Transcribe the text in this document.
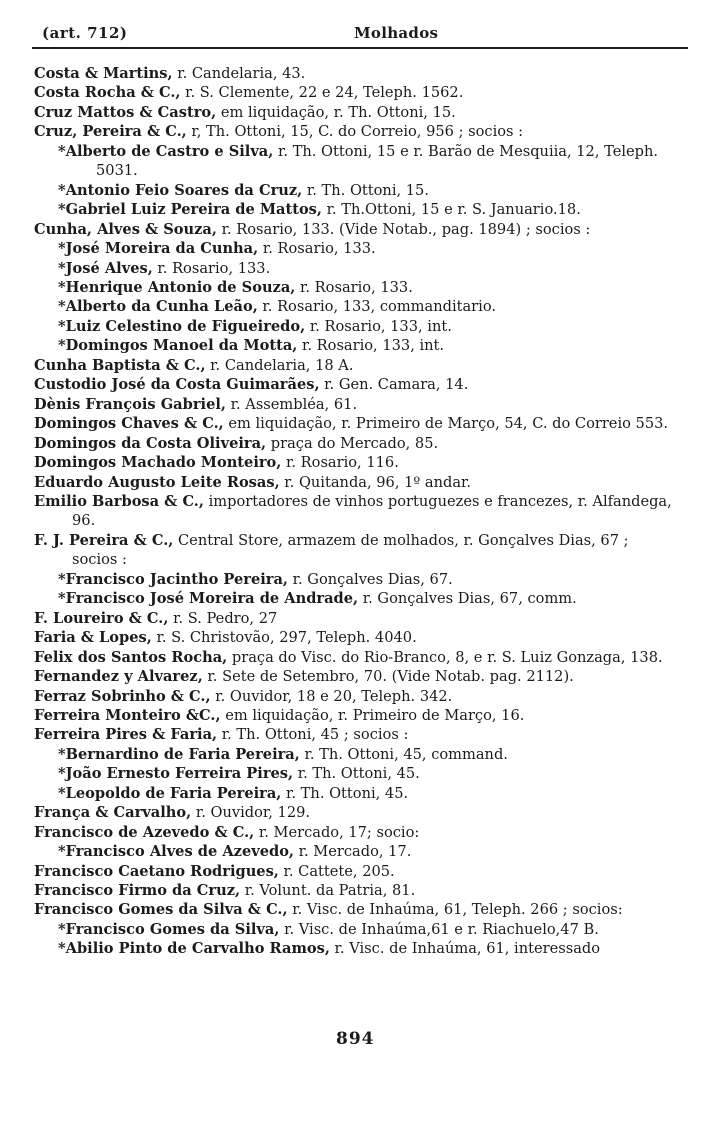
(art. 712)	Molhados
Costa & Martins, r. Candelaria, 43.
Costa Rocha & C., r. S. Clemente, 22 e 24, Teleph. 1562.
Cruz Mattos & Castro, em liquidação, r. Th. Ottoni, 15.
Cruz, Pereira & C., r, Th. Ottoni, 15, C. do Correio, 956 ; socios :
*Alberto de Castro e Silva, r. Th. Ottoni, 15 e r. Barão de Mesquiia, 12, Teleph. 5031.
*Antonio Feio Soares da Cruz, r. Th. Ottoni, 15.
*Gabriel Luiz Pereira de Mattos, r. Th.Ottoni, 15 e r. S. Januario.18.
Cunha, Alves & Souza, r. Rosario, 133. (Vide Notab., pag. 1894) ; socios :
*José Moreira da Cunha, r. Rosario, 133.
*José Alves, r. Rosario, 133.
*Henrique Antonio de Souza, r. Rosario, 133.
*Alberto da Cunha Leão, r. Rosario, 133, commanditario.
*Luiz Celestino de Figueiredo, r. Rosario, 133, int.
*Domingos Manoel da Motta, r. Rosario, 133, int.
Cunha Baptista & C., r. Candelaria, 18 A.
Custodio José da Costa Guimarães, r. Gen. Camara, 14.
Dènis François Gabriel, r. Assembléa, 61.
Domingos Chaves & C., em liquidação, r. Primeiro de Março, 54, C. do Correio 553.
Domingos da Costa Oliveira, praça do Mercado, 85.
Domingos Machado Monteiro, r. Rosario, 116.
Eduardo Augusto Leite Rosas, r. Quitanda, 96, 1º andar.
Emilio Barbosa & C., importadores de vinhos portuguezes e francezes, r. Alfandega, 96.
F. J. Pereira & C., Central Store, armazem de molhados, r. Gonçalves Dias, 67 ; socios :
*Francisco Jacintho Pereira, r. Gonçalves Dias, 67.
*Francisco José Moreira de Andrade, r. Gonçalves Dias, 67, comm.
F. Loureiro & C., r. S. Pedro, 27
Faria & Lopes, r. S. Christovão, 297, Teleph. 4040.
Felix dos Santos Rocha, praça do Visc. do Rio-Branco, 8, e r. S. Luiz Gonzaga, 138.
Fernandez y Alvarez, r. Sete de Setembro, 70. (Vide Notab. pag. 2112).
Ferraz Sobrinho & C., r. Ouvidor, 18 e 20, Teleph. 342.
Ferreira Monteiro &C., em liquidação, r. Primeiro de Março, 16.
Ferreira Pires & Faria, r. Th. Ottoni, 45 ; socios :
*Bernardino de Faria Pereira, r. Th. Ottoni, 45, command.
*João Ernesto Ferreira Pires, r. Th. Ottoni, 45.
*Leopoldo de Faria Pereira, r. Th. Ottoni, 45.
França & Carvalho, r. Ouvidor, 129.
Francisco de Azevedo & C., r. Mercado, 17; socio:
*Francisco Alves de Azevedo, r. Mercado, 17.
Francisco Caetano Rodrigues, r. Cattete, 205.
Francisco Firmo da Cruz, r. Volunt. da Patria, 81.
Francisco Gomes da Silva & C., r. Visc. de Inhaúma, 61, Teleph. 266 ; socios:
*Francisco Gomes da Silva, r. Visc. de Inhaúma,61 e r. Riachuelo,47 B.
*Abilio Pinto de Carvalho Ramos, r. Visc. de Inhaúma, 61, interessado
894
